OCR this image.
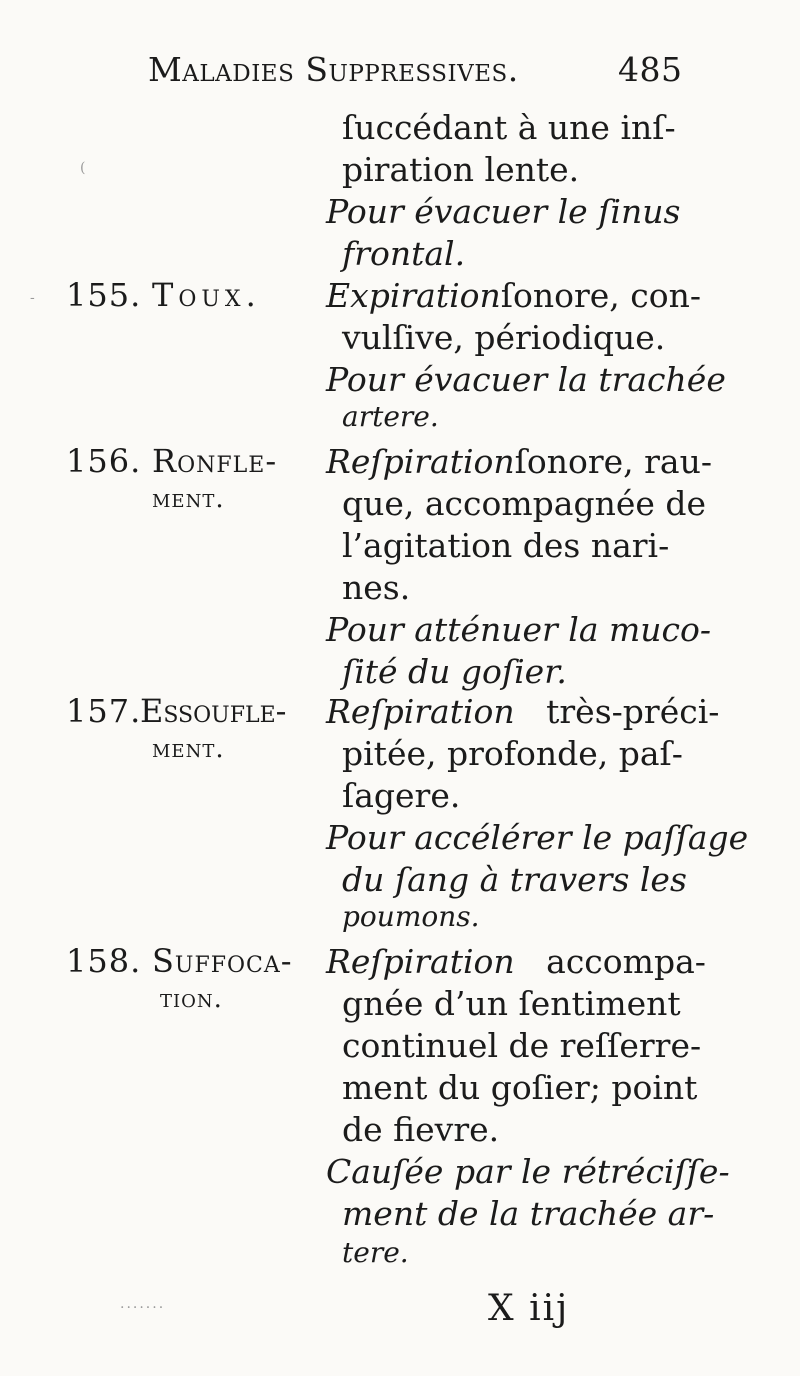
Maladies Suppressives.	485
ſuccédant à une inſ-
piration lente.
Pour évacuer le ſinus
frontal.
155. Toux. Expirationſonore, con-
vulſive, périodique.
Pour évacuer la trachée
artere.
156. Ronfle-
ment.
Reſpirationſonore, rau-
que, accompagnée de
l’agitation des nari-
nes.
Pour atténuer la muco-
ſité du goſier.
157.
Essoufle-
ment.
Reſpiration très-préci-
pitée, profonde, paſ-
ſagere.
Pour accélérer le paſſage
du ſang à travers les
poumons.
158. Suffoca-
tion.
Reſpiration accompa-
gnée d’un ſentiment
continuel de reſſerre-
ment du goſier; point
de fievre.
Cauſée par le rétréciſſe-
ment de la trachée ar-
tere.
X iij
-
(
.......
